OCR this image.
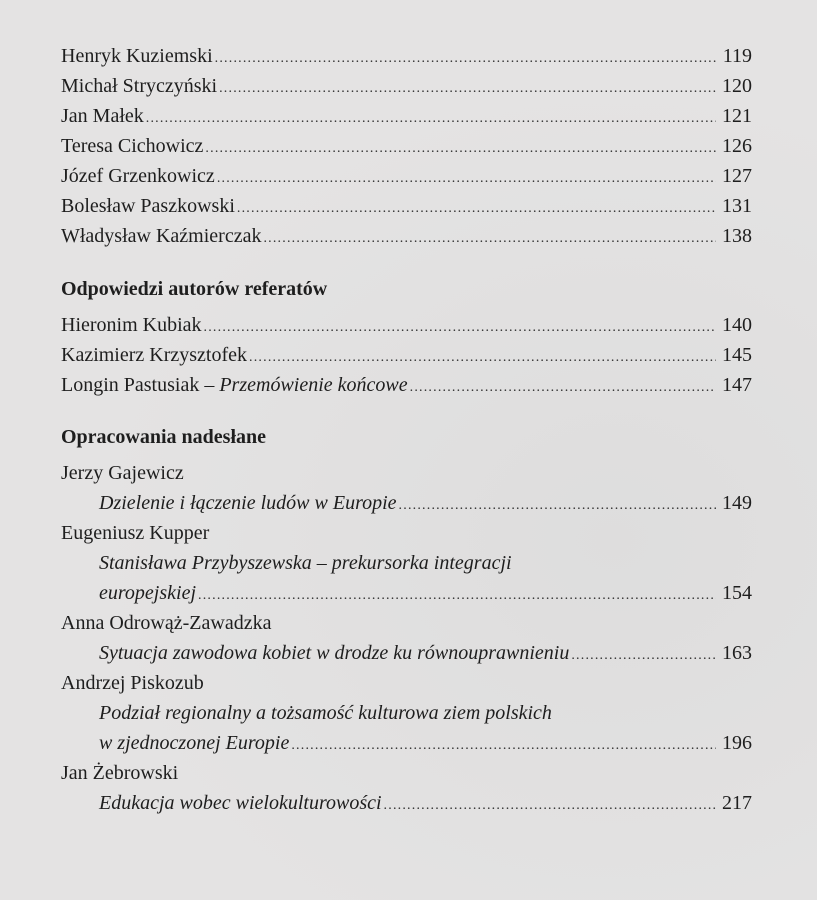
Henryk Kuziemski .....	119
Michał Stryczyński .....	120
Jan Małek .....	121
Teresa Cichowicz .....	126
Józef Grzenkowicz .....	127
Bolesław Paszkowski .....	131
Władysław Kaźmierczak .....	138
Odpowiedzi autorów referatów
Hieronim Kubiak .....	140
Kazimierz Krzysztofek .....	145
Longin Pastusiak – Przemówienie końcowe .....	147
Opracowania nadesłane
Jerzy Gajewicz
Dzielenie i łączenie ludów w Europie .....	149
Eugeniusz Kupper
Stanisława Przybyszewska – prekursorka integracji
europejskiej .....	154
Anna Odrowąż-Zawadzka
Sytuacja zawodowa kobiet w drodze ku równouprawnieniu .....	163
Andrzej Piskozub
Podział regionalny a tożsamość kulturowa ziem polskich
w zjednoczonej Europie .....	196
Jan Żebrowski
Edukacja wobec wielokulturowości .....	217
